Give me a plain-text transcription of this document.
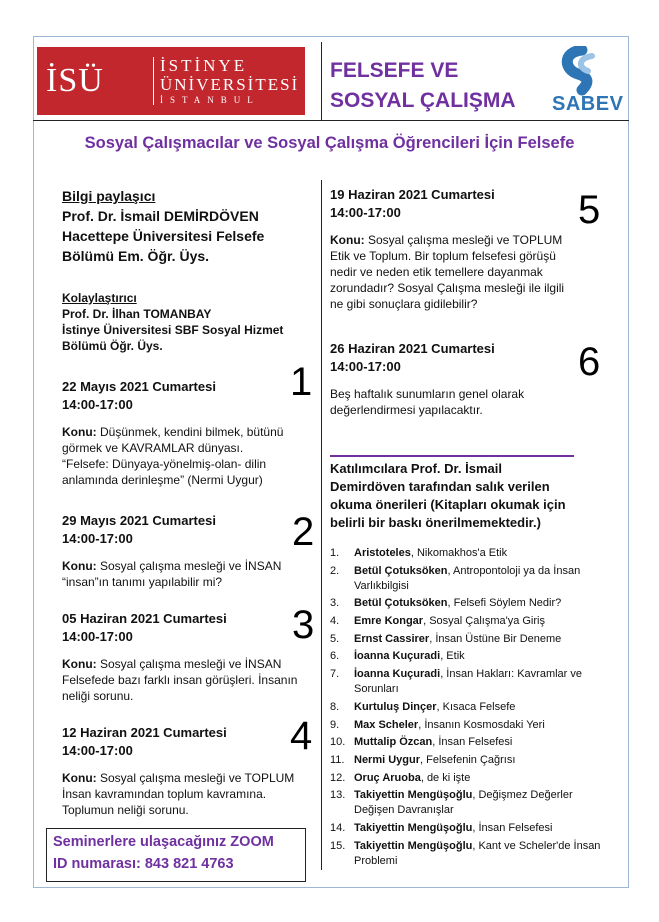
İSÜ	İSTİNYE
ÜNİVERSİTESİ
İSTANBUL
FELSEFE VE
SOSYAL ÇALIŞMA SABEV
Sosyal Çalışmacılar ve Sosyal Çalışma Öğrencileri İçin Felsefe
Bilgi paylaşıcı
Prof. Dr. İsmail DEMİRDÖVEN
Hacettepe Üniversitesi Felsefe
Bölümü Em. Öğr. Üys.
Kolaylaştırıcı
Prof. Dr. İlhan TOMANBAY
İstinye Üniversitesi SBF Sosyal Hizmet
Bölümü Öğr. Üys.
1
22 Mayıs 2021 Cumartesi
14:00-17:00
Konu: Düşünmek, kendini bilmek, bütünü
görmek ve KAVRAMLAR dünyası.
“Felsefe: Dünyaya-yönelmiş-olan- dilin
anlamında derinleşme” (Nermi Uygur)
2
29 Mayıs 2021 Cumartesi
14:00-17:00
Konu: Sosyal çalışma mesleği ve İNSAN
“insan”ın tanımı yapılabilir mi?
3
05 Haziran 2021 Cumartesi
14:00-17:00
Konu: Sosyal çalışma mesleği ve İNSAN
Felsefede bazı farklı insan görüşleri. İnsanın
neliği sorunu.
4
12 Haziran 2021 Cumartesi
14:00-17:00
Konu: Sosyal çalışma mesleği ve TOPLUM
İnsan kavramından toplum kavramına.
Toplumun neliği sorunu.
Seminerlere ulaşacağınız ZOOM
ID numarası: 843 821 4763
5
19 Haziran 2021 Cumartesi
14:00-17:00
Konu: Sosyal çalışma mesleği ve TOPLUM
Etik ve Toplum. Bir toplum felsefesi görüşü
nedir ve neden etik temellere dayanmak
zorundadır? Sosyal Çalışma mesleği ile ilgili
ne gibi sonuçlara gidilebilir?
6
26 Haziran 2021 Cumartesi
14:00-17:00
Beş haftalık sunumların genel olarak
değerlendirmesi yapılacaktır.
Katılımcılara Prof. Dr. İsmail
Demirdöven tarafından salık verilen
okuma önerileri (Kitapları okumak için
belirli bir baskı önerilmemektedir.)
1.	Aristoteles, Nikomakhos'a Etik
2.	Betül Çotuksöken, Antropontoloji ya da İnsan Varlıkbilgisi
3.	Betül Çotuksöken, Felsefi Söylem Nedir?
4.	Emre Kongar, Sosyal Çalışma'ya Giriş
5.	Ernst Cassirer, İnsan Üstüne Bir Deneme
6.	İoanna Kuçuradi, Etik
7.	İoanna Kuçuradi, İnsan Hakları: Kavramlar ve Sorunları
8.	Kurtuluş Dinçer, Kısaca Felsefe
9.	Max Scheler, İnsanın Kosmosdaki Yeri
10. Muttalip Özcan, İnsan Felsefesi
11. Nermi Uygur, Felsefenin Çağrısı
12. Oruç Aruoba, de ki işte
13. Takiyettin Mengüşoğlu, Değişmez Değerler Değişen Davranışlar
14. Takiyettin Mengüşoğlu, İnsan Felsefesi
15. Takiyettin Mengüşoğlu, Kant ve Scheler'de İnsan Problemi
